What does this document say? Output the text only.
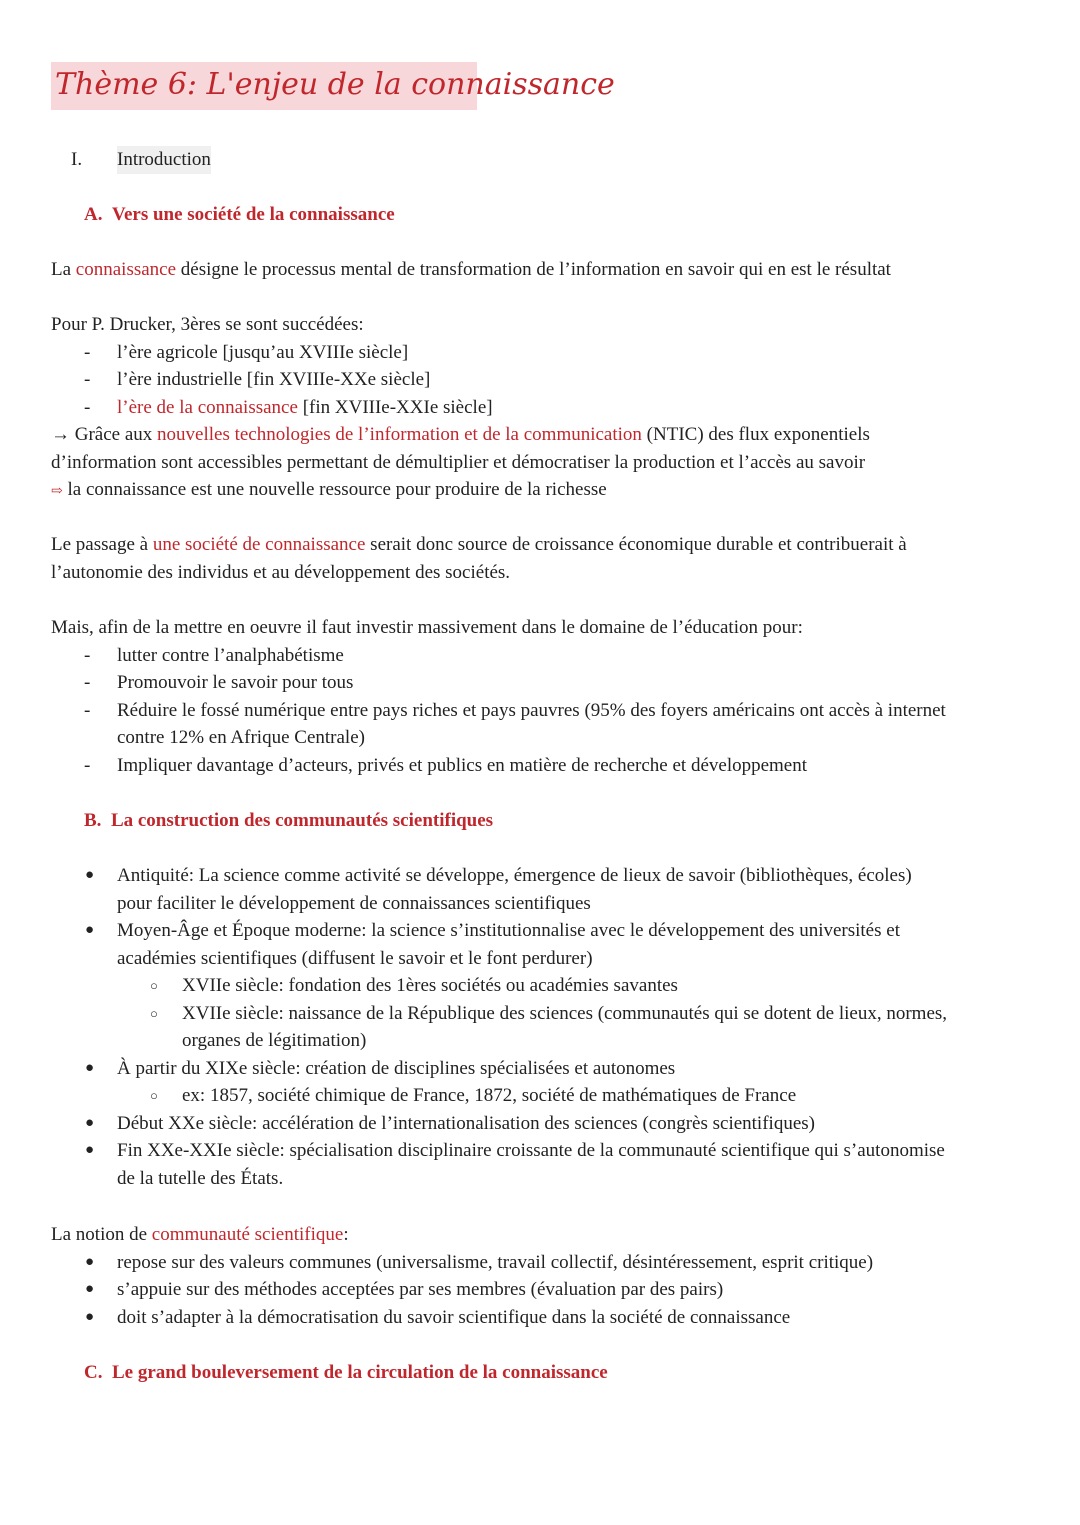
Thème 6: L'enjeu de la connaissance
I. Introduction
A. Vers une société de la connaissance

La connaissance désigne le processus mental de transformation de l’information en savoir qui en est le résultat

Pour P. Drucker, 3ères se sont succédées:

- l’ère agricole [jusqu’au XVIIIe siècle]
- l’ère industrielle [fin XVIIIe-XXe siècle]
- l’ère de la connaissance [fin XVIIIe-XXIe siècle]

→ Grâce aux nouvelles technologies de l’information et de la communication (NTIC) des flux exponentiels

d’information sont accessibles permettant de démultiplier et démocratiser la production et l’accès au savoir

⇨ la connaissance est une nouvelle ressource pour produire de la richesse

Le passage à une société de connaissance serait donc source de croissance économique durable et contribuerait à

l’autonomie des individus et au développement des sociétés.

Mais, afin de la mettre en oeuvre il faut investir massivement dans le domaine de l’éducation pour:

- lutter contre l’analphabétisme
- Promouvoir le savoir pour tous
- Réduire le fossé numérique entre pays riches et pays pauvres (95% des foyers américains ont accès à internet
contre 12% en Afrique Centrale)
- Impliquer davantage d’acteurs, privés et publics en matière de recherche et développement
B. La construction des communautés scientifiques
● Antiquité: La science comme activité se développe, émergence de lieux de savoir (bibliothèques, écoles)
pour faciliter le développement de connaissances scientifiques
● Moyen-Âge et Époque moderne: la science s’institutionnalise avec le développement des universités et
académies scientifiques (diffusent le savoir et le font perdurer)
○ XVIIe siècle: fondation des 1ères sociétés ou académies savantes
○ XVIIe siècle: naissance de la République des sciences (communautés qui se dotent de lieux, normes,
organes de légitimation)
● À partir du XIXe siècle: création de disciplines spécialisées et autonomes
○ ex: 1857, société chimique de France, 1872, société de mathématiques de France
● Début XXe siècle: accélération de l’internationalisation des sciences (congrès scientifiques)
● Fin XXe-XXIe siècle: spécialisation disciplinaire croissante de la communauté scientifique qui s’autonomise
de la tutelle des États.

La notion de communauté scientifique:

● repose sur des valeurs communes (universalisme, travail collectif, désintéressement, esprit critique)
● s’appuie sur des méthodes acceptées par ses membres (évaluation par des pairs)
● doit s’adapter à la démocratisation du savoir scientifique dans la société de connaissance
C. Le grand bouleversement de la circulation de la connaissance
